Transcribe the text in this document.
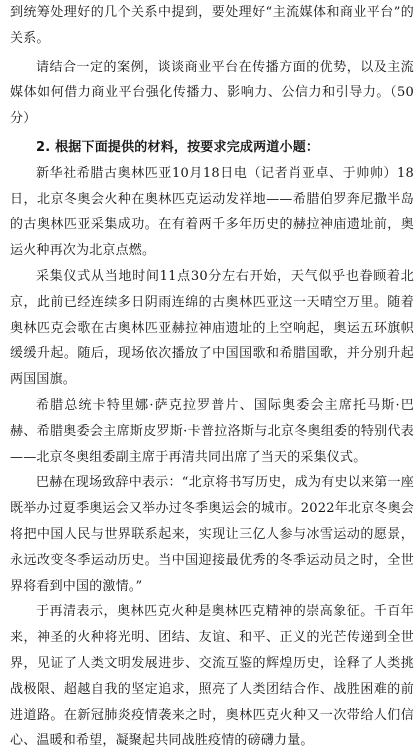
到统筹处理好的几个关系中提到，要处理好“主流媒体和商业平台”的关系。

请结合一定的案例，谈谈商业平台在传播方面的优势，以及主流媒体如何借力商业平台强化传播力、影响力、公信力和引导力。（50分）

2. 根据下面提供的材料，按要求完成两道小题：

新华社希腊古奥林匹亚10月18日电（记者肖亚卓、于帅帅）18日，北京冬奥会火种在奥林匹克运动发祥地——希腊伯罗奔尼撒半岛的古奥林匹亚采集成功。在有着两千多年历史的赫拉神庙遗址前，奥运火种再次为北京点燃。

采集仪式从当地时间11点30分左右开始，天气似乎也眷顾着北京，此前已经连续多日阴雨连绵的古奥林匹亚这一天晴空万里。随着奥林匹克会歌在古奥林匹亚赫拉神庙遗址的上空响起，奥运五环旗帜缓缓升起。随后，现场依次播放了中国国歌和希腊国歌，并分别升起两国国旗。

希腊总统卡特里娜·萨克拉罗普片、国际奥委会主席托马斯·巴赫、希腊奥委会主席斯皮罗斯·卡普拉洛斯与北京冬奥组委的特别代表——北京冬奥组委副主席于再清共同出席了当天的采集仪式。

巴赫在现场致辞中表示：“北京将书写历史，成为有史以来第一座既举办过夏季奥运会又举办过冬季奥运会的城市。2022年北京冬奥会将把中国人民与世界联系起来，实现让三亿人参与冰雪运动的愿景，永远改变冬季运动历史。当中国迎接最优秀的冬季运动员之时，全世界将看到中国的激情。”

于再清表示，奥林匹克火种是奥林匹克精神的崇高象征。千百年来，神圣的火种将光明、团结、友谊、和平、正义的光芒传递到全世界，见证了人类文明发展进步、交流互鉴的辉煌历史，诠释了人类挑战极限、超越自我的坚定追求，照亮了人类团结合作、战胜困难的前进道路。在新冠肺炎疫情袭来之时，奥林匹克火种又一次带给人们信心、温暖和希望，凝聚起共同战胜疫情的磅礴力量。
